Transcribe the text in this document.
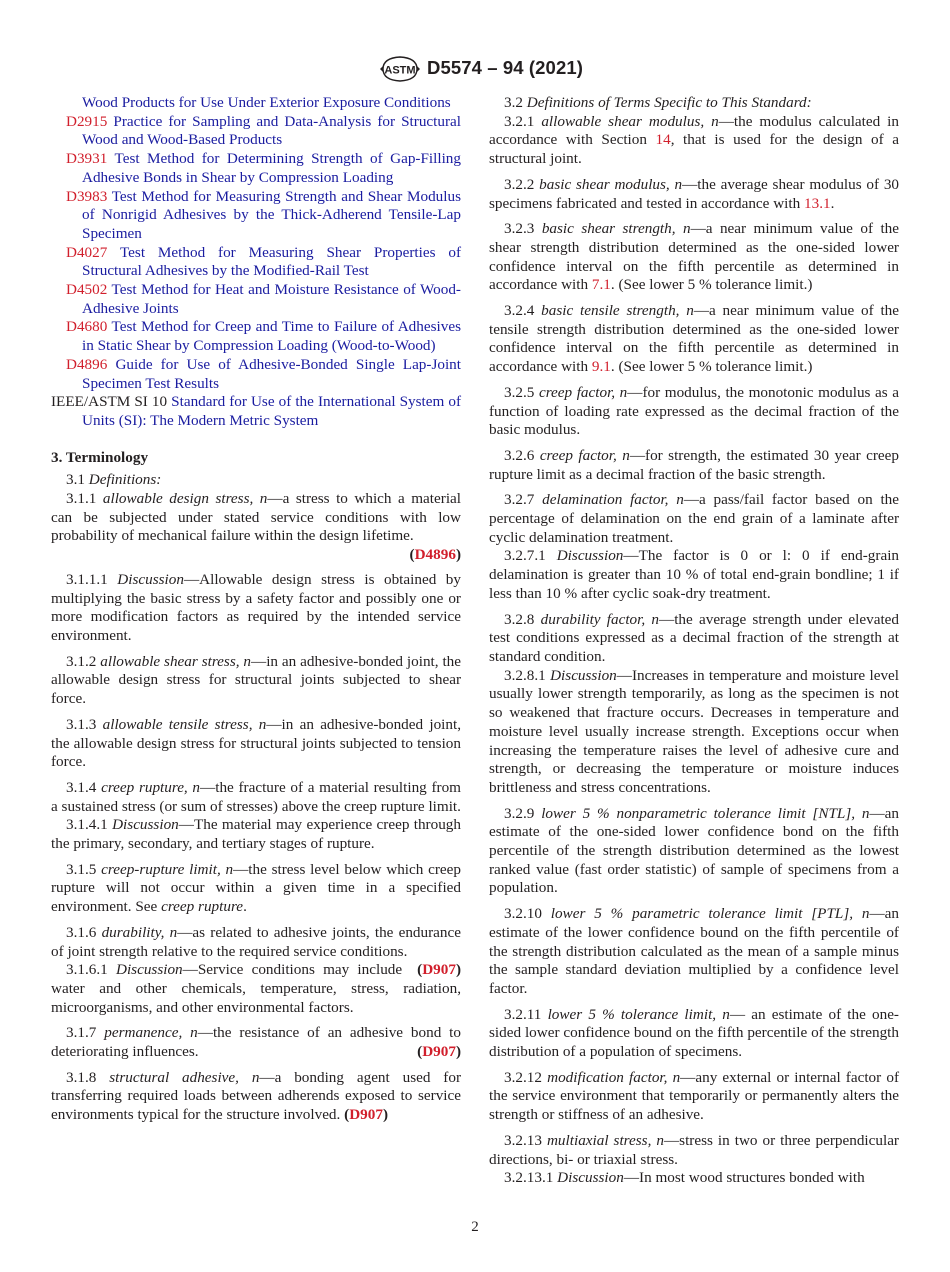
ASTM D5574 – 94 (2021)
Wood Products for Use Under Exterior Exposure Conditions
D2915 Practice for Sampling and Data-Analysis for Structural Wood and Wood-Based Products
D3931 Test Method for Determining Strength of Gap-Filling Adhesive Bonds in Shear by Compression Loading
D3983 Test Method for Measuring Strength and Shear Modulus of Nonrigid Adhesives by the Thick-Adherend Tensile-Lap Specimen
D4027 Test Method for Measuring Shear Properties of Structural Adhesives by the Modified-Rail Test
D4502 Test Method for Heat and Moisture Resistance of Wood-Adhesive Joints
D4680 Test Method for Creep and Time to Failure of Adhesives in Static Shear by Compression Loading (Wood-to-Wood)
D4896 Guide for Use of Adhesive-Bonded Single Lap-Joint Specimen Test Results
IEEE/ASTM SI 10 Standard for Use of the International System of Units (SI): The Modern Metric System
3. Terminology
3.1 Definitions:
3.1.1 allowable design stress, n—a stress to which a material can be subjected under stated service conditions with low probability of mechanical failure within the design lifetime.
(D4896)
3.1.1.1 Discussion—Allowable design stress is obtained by multiplying the basic stress by a safety factor and possibly one or more modification factors as required by the intended service environment.
3.1.2 allowable shear stress, n—in an adhesive-bonded joint, the allowable design stress for structural joints subjected to shear force.
3.1.3 allowable tensile stress, n—in an adhesive-bonded joint, the allowable design stress for structural joints subjected to tension force.
3.1.4 creep rupture, n—the fracture of a material resulting from a sustained stress (or sum of stresses) above the creep rupture limit.
3.1.4.1 Discussion—The material may experience creep through the primary, secondary, and tertiary stages of rupture.
3.1.5 creep-rupture limit, n—the stress level below which creep rupture will not occur within a given time in a specified environment. See creep rupture.
3.1.6 durability, n—as related to adhesive joints, the endurance of joint strength relative to the required service conditions.
(D907)
3.1.6.1 Discussion—Service conditions may include water and other chemicals, temperature, stress, radiation, microorganisms, and other environmental factors.
3.1.7 permanence, n—the resistance of an adhesive bond to deteriorating influences.	(D907)
3.1.8 structural adhesive, n—a bonding agent used for transferring required loads between adherends exposed to service environments typical for the structure involved. (D907)
3.2 Definitions of Terms Specific to This Standard:
3.2.1 allowable shear modulus, n—the modulus calculated in accordance with Section 14, that is used for the design of a structural joint.
3.2.2 basic shear modulus, n—the average shear modulus of 30 specimens fabricated and tested in accordance with 13.1.
3.2.3 basic shear strength, n—a near minimum value of the shear strength distribution determined as the one-sided lower confidence interval on the fifth percentile as determined in accordance with 7.1. (See lower 5 % tolerance limit.)
3.2.4 basic tensile strength, n—a near minimum value of the tensile strength distribution determined as the one-sided lower confidence interval on the fifth percentile as determined in accordance with 9.1. (See lower 5 % tolerance limit.)
3.2.5 creep factor, n—for modulus, the monotonic modulus as a function of loading rate expressed as the decimal fraction of the basic modulus.
3.2.6 creep factor, n—for strength, the estimated 30 year creep rupture limit as a decimal fraction of the basic strength.
3.2.7 delamination factor, n—a pass/fail factor based on the percentage of delamination on the end grain of a laminate after cyclic delamination treatment.
3.2.7.1 Discussion—The factor is 0 or l: 0 if end-grain delamination is greater than 10 % of total end-grain bondline; 1 if less than 10 % after cyclic soak-dry treatment.
3.2.8 durability factor, n—the average strength under elevated test conditions expressed as a decimal fraction of the strength at standard condition.
3.2.8.1 Discussion—Increases in temperature and moisture level usually lower strength temporarily, as long as the specimen is not so weakened that fracture occurs. Decreases in temperature and moisture level usually increase strength. Exceptions occur when increasing the temperature raises the level of adhesive cure and strength, or decreasing the temperature or moisture induces brittleness and stress concentrations.
3.2.9 lower 5 % nonparametric tolerance limit [NTL], n—an estimate of the one-sided lower confidence bond on the fifth percentile of the strength distribution determined as the lowest ranked value (fast order statistic) of sample of specimens from a population.
3.2.10 lower 5 % parametric tolerance limit [PTL], n—an estimate of the lower confidence bound on the fifth percentile of the strength distribution calculated as the mean of a sample minus the sample standard deviation multiplied by a confidence level factor.
3.2.11 lower 5 % tolerance limit, n— an estimate of the one-sided lower confidence bound on the fifth percentile of the strength distribution of a population of specimens.
3.2.12 modification factor, n—any external or internal factor of the service environment that temporarily or permanently alters the strength or stiffness of an adhesive.
3.2.13 multiaxial stress, n—stress in two or three perpendicular directions, bi- or triaxial stress.
3.2.13.1 Discussion—In most wood structures bonded with
2
